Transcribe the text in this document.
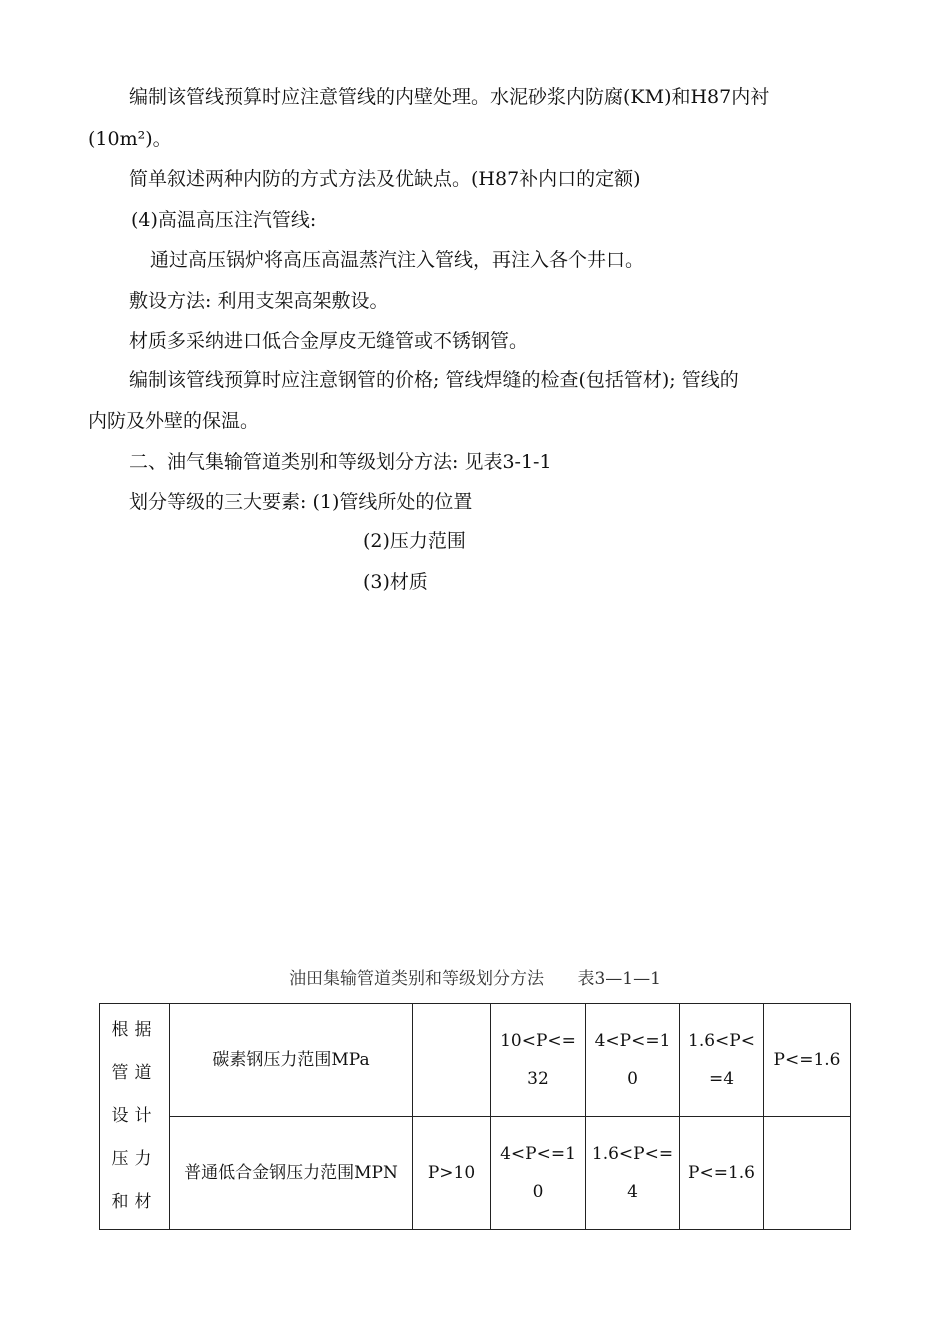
编制该管线预算时应注意管线的内壁处理。水泥砂浆内防腐(KM)和H87内衬
(10m²)。
简单叙述两种内防的方式方法及优缺点。(H87补内口的定额)
(4)高温高压注汽管线:
通过高压锅炉将高压高温蒸汽注入管线，再注入各个井口。
敷设方法: 利用支架高架敷设。
材质多采纳进口低合金厚皮无缝管或不锈钢管。
编制该管线预算时应注意钢管的价格; 管线焊缝的检查(包括管材); 管线的
内防及外壁的保温。
二、油气集输管道类别和等级划分方法: 见表3-1-1
划分等级的三大要素: (1)管线所处的位置
(2)压力范围
(3)材质
油田集输管道类别和等级划分方法 表3—1—1
根据管道设计压力和材	碳素钢压力范围MPa		10<P<=32	4<P<=10	1.6<P<=4	P<=1.6

	普通低合金钢压力范围MPN	P>10	4<P<=10	1.6<P<=4	P<=1.6	
